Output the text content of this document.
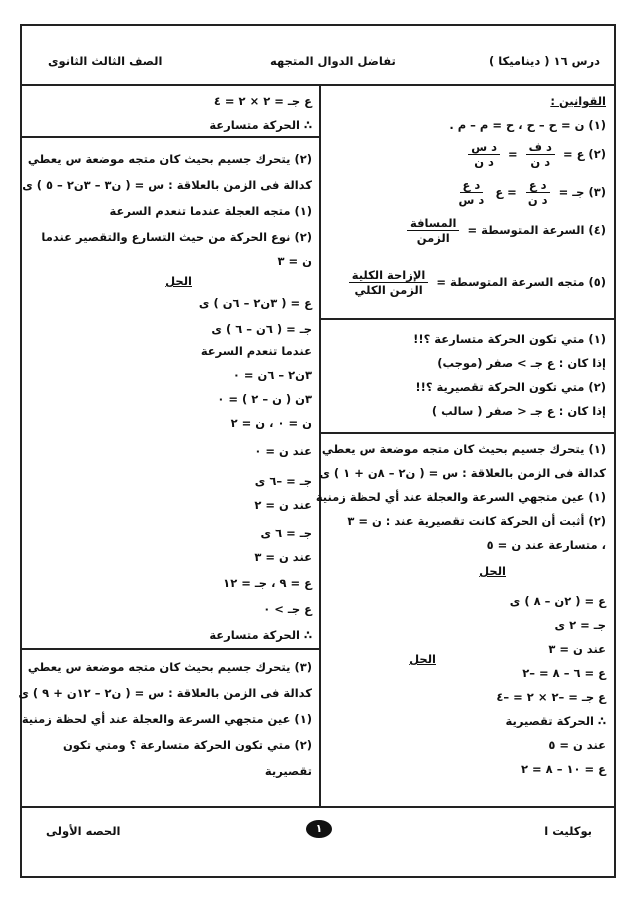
درس ١٦ ( ديناميكا )
تفاضل الدوال المتجهه
الصف الثالث الثانوى
القوانين :
(١) ن = ح – ح ، ح = م – م .
(٢) ع =
$\frac{\text{د ف}}{\text{د ن}}$
=
$\frac{\text{د س}}{\text{د ن}}$
(٣) جـ =
$\frac{\text{د ع}}{\text{د ن}}$
= ع
$\frac{\text{د ع}}{\text{د س}}$
(٤) السرعة المتوسطة =
$\frac{\text{المسافة}}{\text{الزمن}}$
(٥) متجه السرعة المتوسطة =
$\frac{\text{الإزاحة الكلية}}{\text{الزمن الكلي}}$
(١) متي تكون الحركة متسارعة ؟!!
إذا كان : ع جـ > صفر (موجب)
(٢) متي تكون الحركة تقصيرية ؟!!
إذا كان : ع جـ < صفر ( سالب )
(١) يتحرك جسيم بحيث كان متجه موضعة س يعطي
كدالة فى الزمن بالعلاقة : س = ( ن٢ – ٨ن + ١ ) ى
(١) عين متجهي السرعة والعجلة عند أي لحظة زمنية
(٢) أثبت أن الحركة كانت تقصيرية عند : ن = ٣
، متسارعة عند ن = ٥
الحل
ع = ( ٢ن – ٨ ) ى
جـ = ٢ ى
عند ن = ٣
ع = ٦ – ٨ = –٢
ع جـ = –٢ × ٢ = –٤
∴ الحركة تقصيرية
عند ن = ٥
ع = ١٠ – ٨ = ٢
الحل
ع جـ = ٢ × ٢ = ٤
∴ الحركة متسارعة
(٢) يتحرك جسيم بحيث كان متجه موضعة س يعطي
كدالة فى الزمن بالعلاقة : س = ( ن٣ – ٣ن٢ – ٥ ) ى
(١) متجه العجلة عندما تنعدم السرعة
(٢) نوع الحركة من حيث التسارع والتقصير عندما
ن = ٣
الحل
ع = ( ٣ن٢ – ٦ن ) ى
جـ = ( ٦ن – ٦ ) ى
عندما تنعدم السرعة
٣ن٢ – ٦ن = ٠
٣ن ( ن – ٢ ) = ٠
ن = ٠ ، ن = ٢
عند ن = ٠
جـ = –٦ ى
عند ن = ٢
جـ = ٦ ى
عند ن = ٣
ع = ٩ ، جـ = ١٢
ع جـ > ٠
∴ الحركة متسارعة
(٣) يتحرك جسيم بحيث كان متجه موضعة س يعطي
كدالة فى الزمن بالعلاقة : س = ( ن٢ – ١٢ن + ٩ ) ى
(١) عين متجهي السرعة والعجلة عند أي لحظة زمنية
(٢) متي تكون الحركة متسارعة ؟ ومتي تكون
تقصيرية
الحصه الأولى	١	بوكليت ا
